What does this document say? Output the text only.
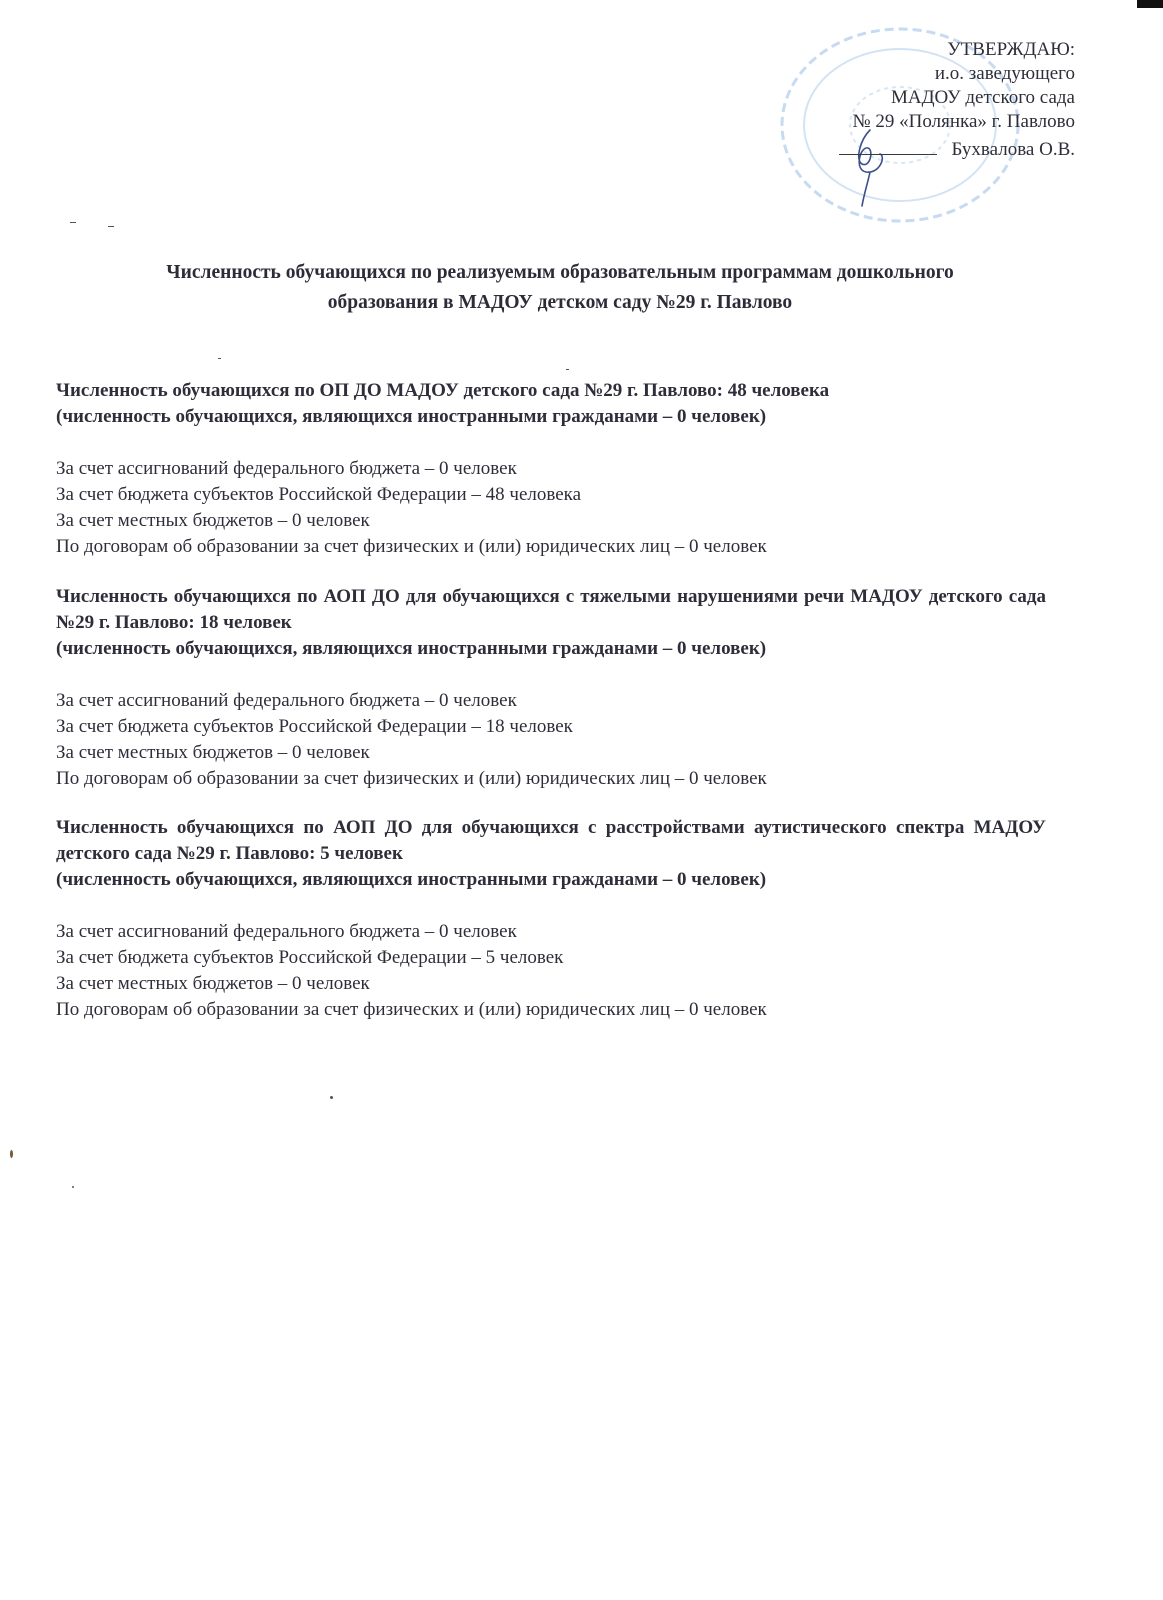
УТВЕРЖДАЮ:
и.о. заведующего
МАДОУ детского сада
№ 29 «Полянка» г. Павлово
Бухвалова О.В.
Численность обучающихся по реализуемым образовательным программам дошкольного
образования в МАДОУ детском саду №29 г. Павлово

Численность обучающихся по ОП ДО МАДОУ детского сада №29 г. Павлово: 48 человека

(численность обучающихся, являющихся иностранными гражданами – 0 человек)

За счет ассигнований федерального бюджета – 0 человек
За счет бюджета субъектов Российской Федерации – 48 человека
За счет местных бюджетов – 0 человек
По договорам об образовании за счет физических и (или) юридических лиц – 0 человек

Численность обучающихся по АОП ДО для обучающихся с тяжелыми нарушениями речи МАДОУ детского сада №29 г. Павлово: 18 человек

(численность обучающихся, являющихся иностранными гражданами – 0 человек)

За счет ассигнований федерального бюджета – 0 человек
За счет бюджета субъектов Российской Федерации – 18 человек
За счет местных бюджетов – 0 человек
По договорам об образовании за счет физических и (или) юридических лиц – 0 человек

Численность обучающихся по АОП ДО для обучающихся с расстройствами аутистического спектра МАДОУ детского сада №29 г. Павлово: 5 человек

(численность обучающихся, являющихся иностранными гражданами – 0 человек)

За счет ассигнований федерального бюджета – 0 человек
За счет бюджета субъектов Российской Федерации – 5 человек
За счет местных бюджетов – 0 человек
По договорам об образовании за счет физических и (или) юридических лиц – 0 человек
